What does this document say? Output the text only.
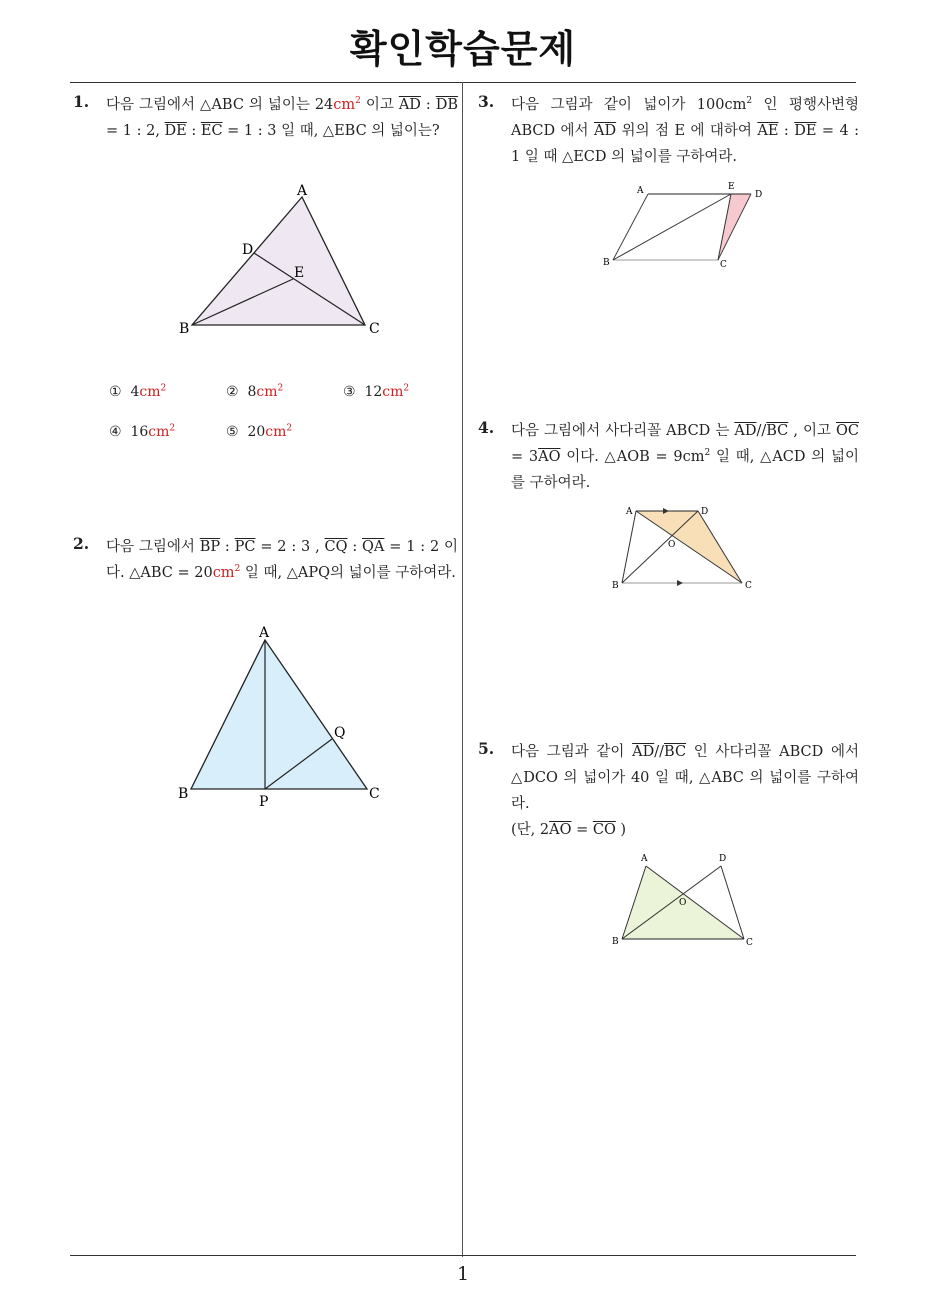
확인학습문제
1. 다음 그림에서 △ABC 의 넓이는 $24cm^2$ 이고 $\overline{AD}$ : $\overline{DB} = 1$ : 2, $\overline{DE}$ : $\overline{EC} = 1$ : 3 일 때, △EBC 의 넓이는?
A
B	C
D
E
① $4cm^2$	② $8cm^2$	③ $12cm^2$
④ $16cm^2$	⑤ $20cm^2$
2. 다음 그림에서 $\overline{BP}$ : $\overline{PC} = 2$ : 3 , $\overline{CQ}$ : $\overline{QA} = 1$ : 2 이다. △ABC = $20cm^2$ 일 때, △APQ의 넓이를 구하여라.
A
B	C
P
Q
3. 다음 그림과 같이 넓이가 $100cm^2$ 인 평행사변형 ABCD 에서 $\overline{AD}$ 위의 점 E 에 대하여 $\overline{AE}$ : $\overline{DE} = 4$ : 1 일 때 △ECD 의 넓이를 구하여라.
A
B	C
D
E
4. 다음 그림에서 사다리꼴 ABCD 는 $\overline{AD}//\overline{BC}$ , 이고 $\overline{OC} = 3\overline{AO}$ 이다. △AOB = $9cm^2$ 일 때, △ACD 의 넓이를 구하여라.
A
B	C
D
O
5. 다음 그림과 같이 $\overline{AD}//\overline{BC}$ 인 사다리꼴 ABCD 에서 △DCO 의 넓이가 40 일 때, △ABC 의 넓이를 구하여라.
(단, $2\overline{AO} = \overline{CO}$ )
A
B	C
D
O
1
